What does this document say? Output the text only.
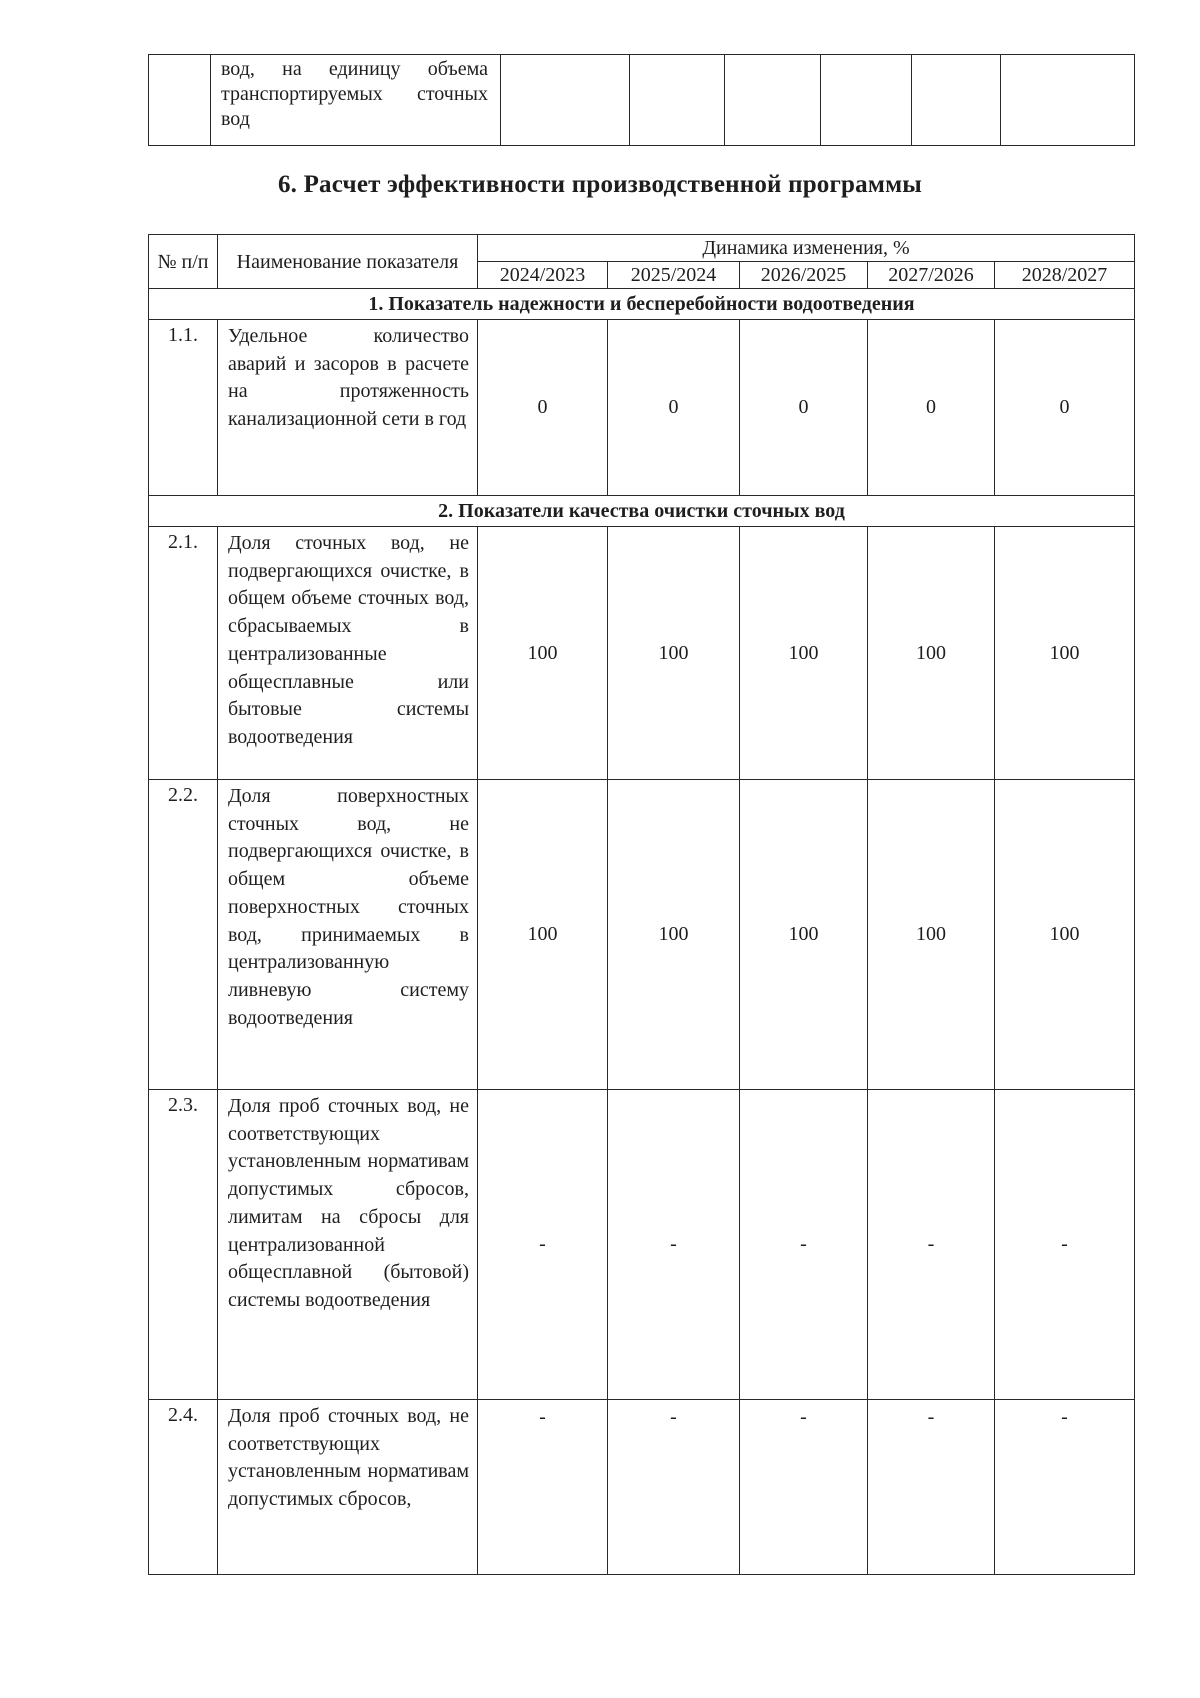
вод, на единицу объема транспортируемых сточных вод

6. Расчет эффективности производственной программы
№ п/п	Наименование показателя	Динамика изменения, %				
		2024/2023	2025/2024	2026/2025	2027/2026	2028/2027
1. Показатель надежности и бесперебойности водоотведения						
1.1.	Удельное количество аварий и засоров в расчете на протяженность канализационной сети в год	0	0	0	0	0
2. Показатели качества очистки сточных вод						
2.1.	Доля сточных вод, не подвергающихся очистке, в общем объеме сточных вод, сбрасываемых в централизованные общесплавные или бытовые системы водоотведения	100	100	100	100	100
2.2.	Доля поверхностных сточных вод, не подвергающихся очистке, в общем объеме поверхностных сточных вод, принимаемых в централизованную ливневую систему водоотведения	100	100	100	100	100
2.3.	Доля проб сточных вод, не соответствующих установленным нормативам допустимых сбросов, лимитам на сбросы для централизованной общесплавной (бытовой) системы водоотведения	-	-	-	-	-
2.4.	Доля проб сточных вод, не соответствующих установленным нормативам допустимых сбросов,	-	-	-	-	-
